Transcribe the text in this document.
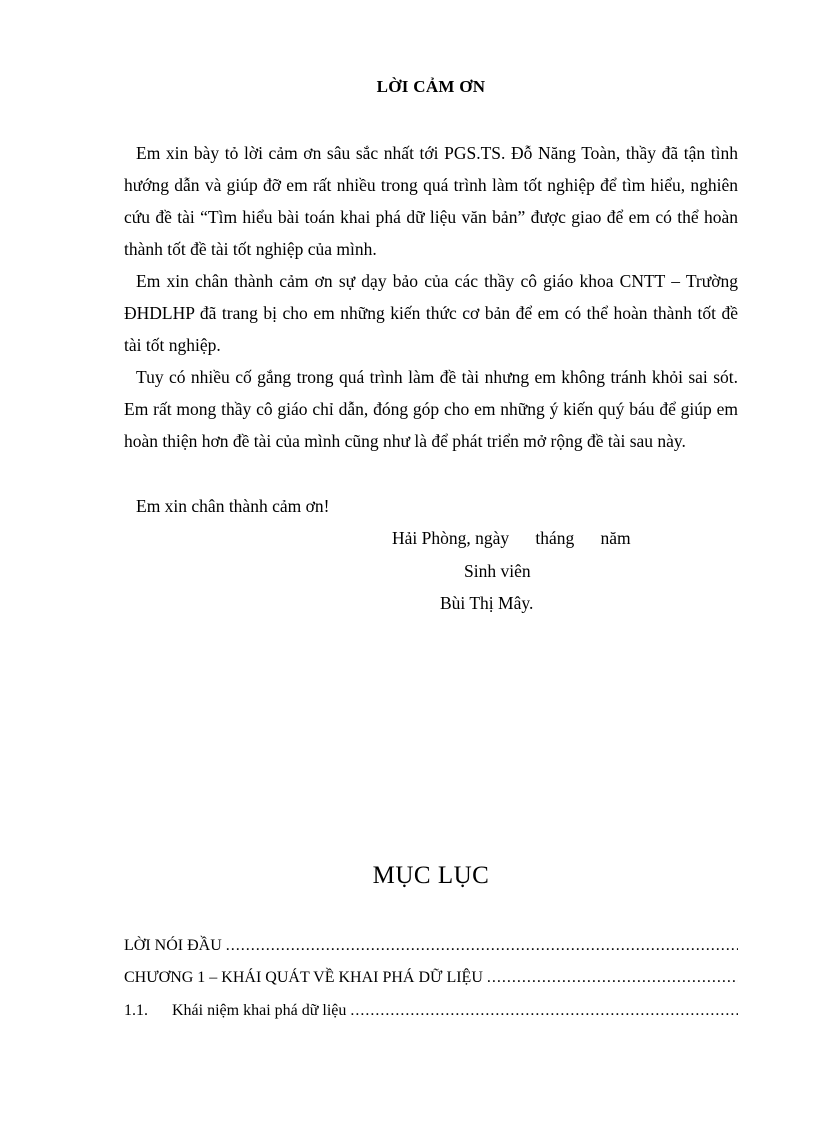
LỜI CẢM ƠN
Em xin bày tỏ lời cảm ơn sâu sắc nhất tới PGS.TS. Đỗ Năng Toàn, thầy đã tận tình hướng dẫn và giúp đỡ em rất nhiều trong quá trình làm tốt nghiệp để tìm hiểu, nghiên cứu đề tài “Tìm hiểu bài toán khai phá dữ liệu văn bản” được giao để em có thể hoàn thành tốt đề tài tốt nghiệp của mình.
Em xin chân thành cảm ơn sự dạy bảo của các thầy cô giáo khoa CNTT – Trường ĐHDLHP đã trang bị cho em những kiến thức cơ bản để em có thể hoàn thành tốt đề tài tốt nghiệp.
Tuy có nhiều cố gắng trong quá trình làm đề tài nhưng em không tránh khỏi sai sót. Em rất mong thầy cô giáo chỉ dẫn, đóng góp cho em những ý kiến quý báu để giúp em hoàn thiện hơn đề tài của mình cũng như là để phát triển mở rộng đề tài sau này.
Em xin chân thành cảm ơn!
Hải Phòng, ngày      tháng      năm
Sinh viên
Bùi Thị Mây.
MỤC LỤC
LỜI NÓI ĐẦU
.....
CHƯƠNG 1 – KHÁI QUÁT VỀ KHAI PHÁ DỮ LIỆU
.....
1.1.	Khái niệm khai phá dữ liệu
.....
